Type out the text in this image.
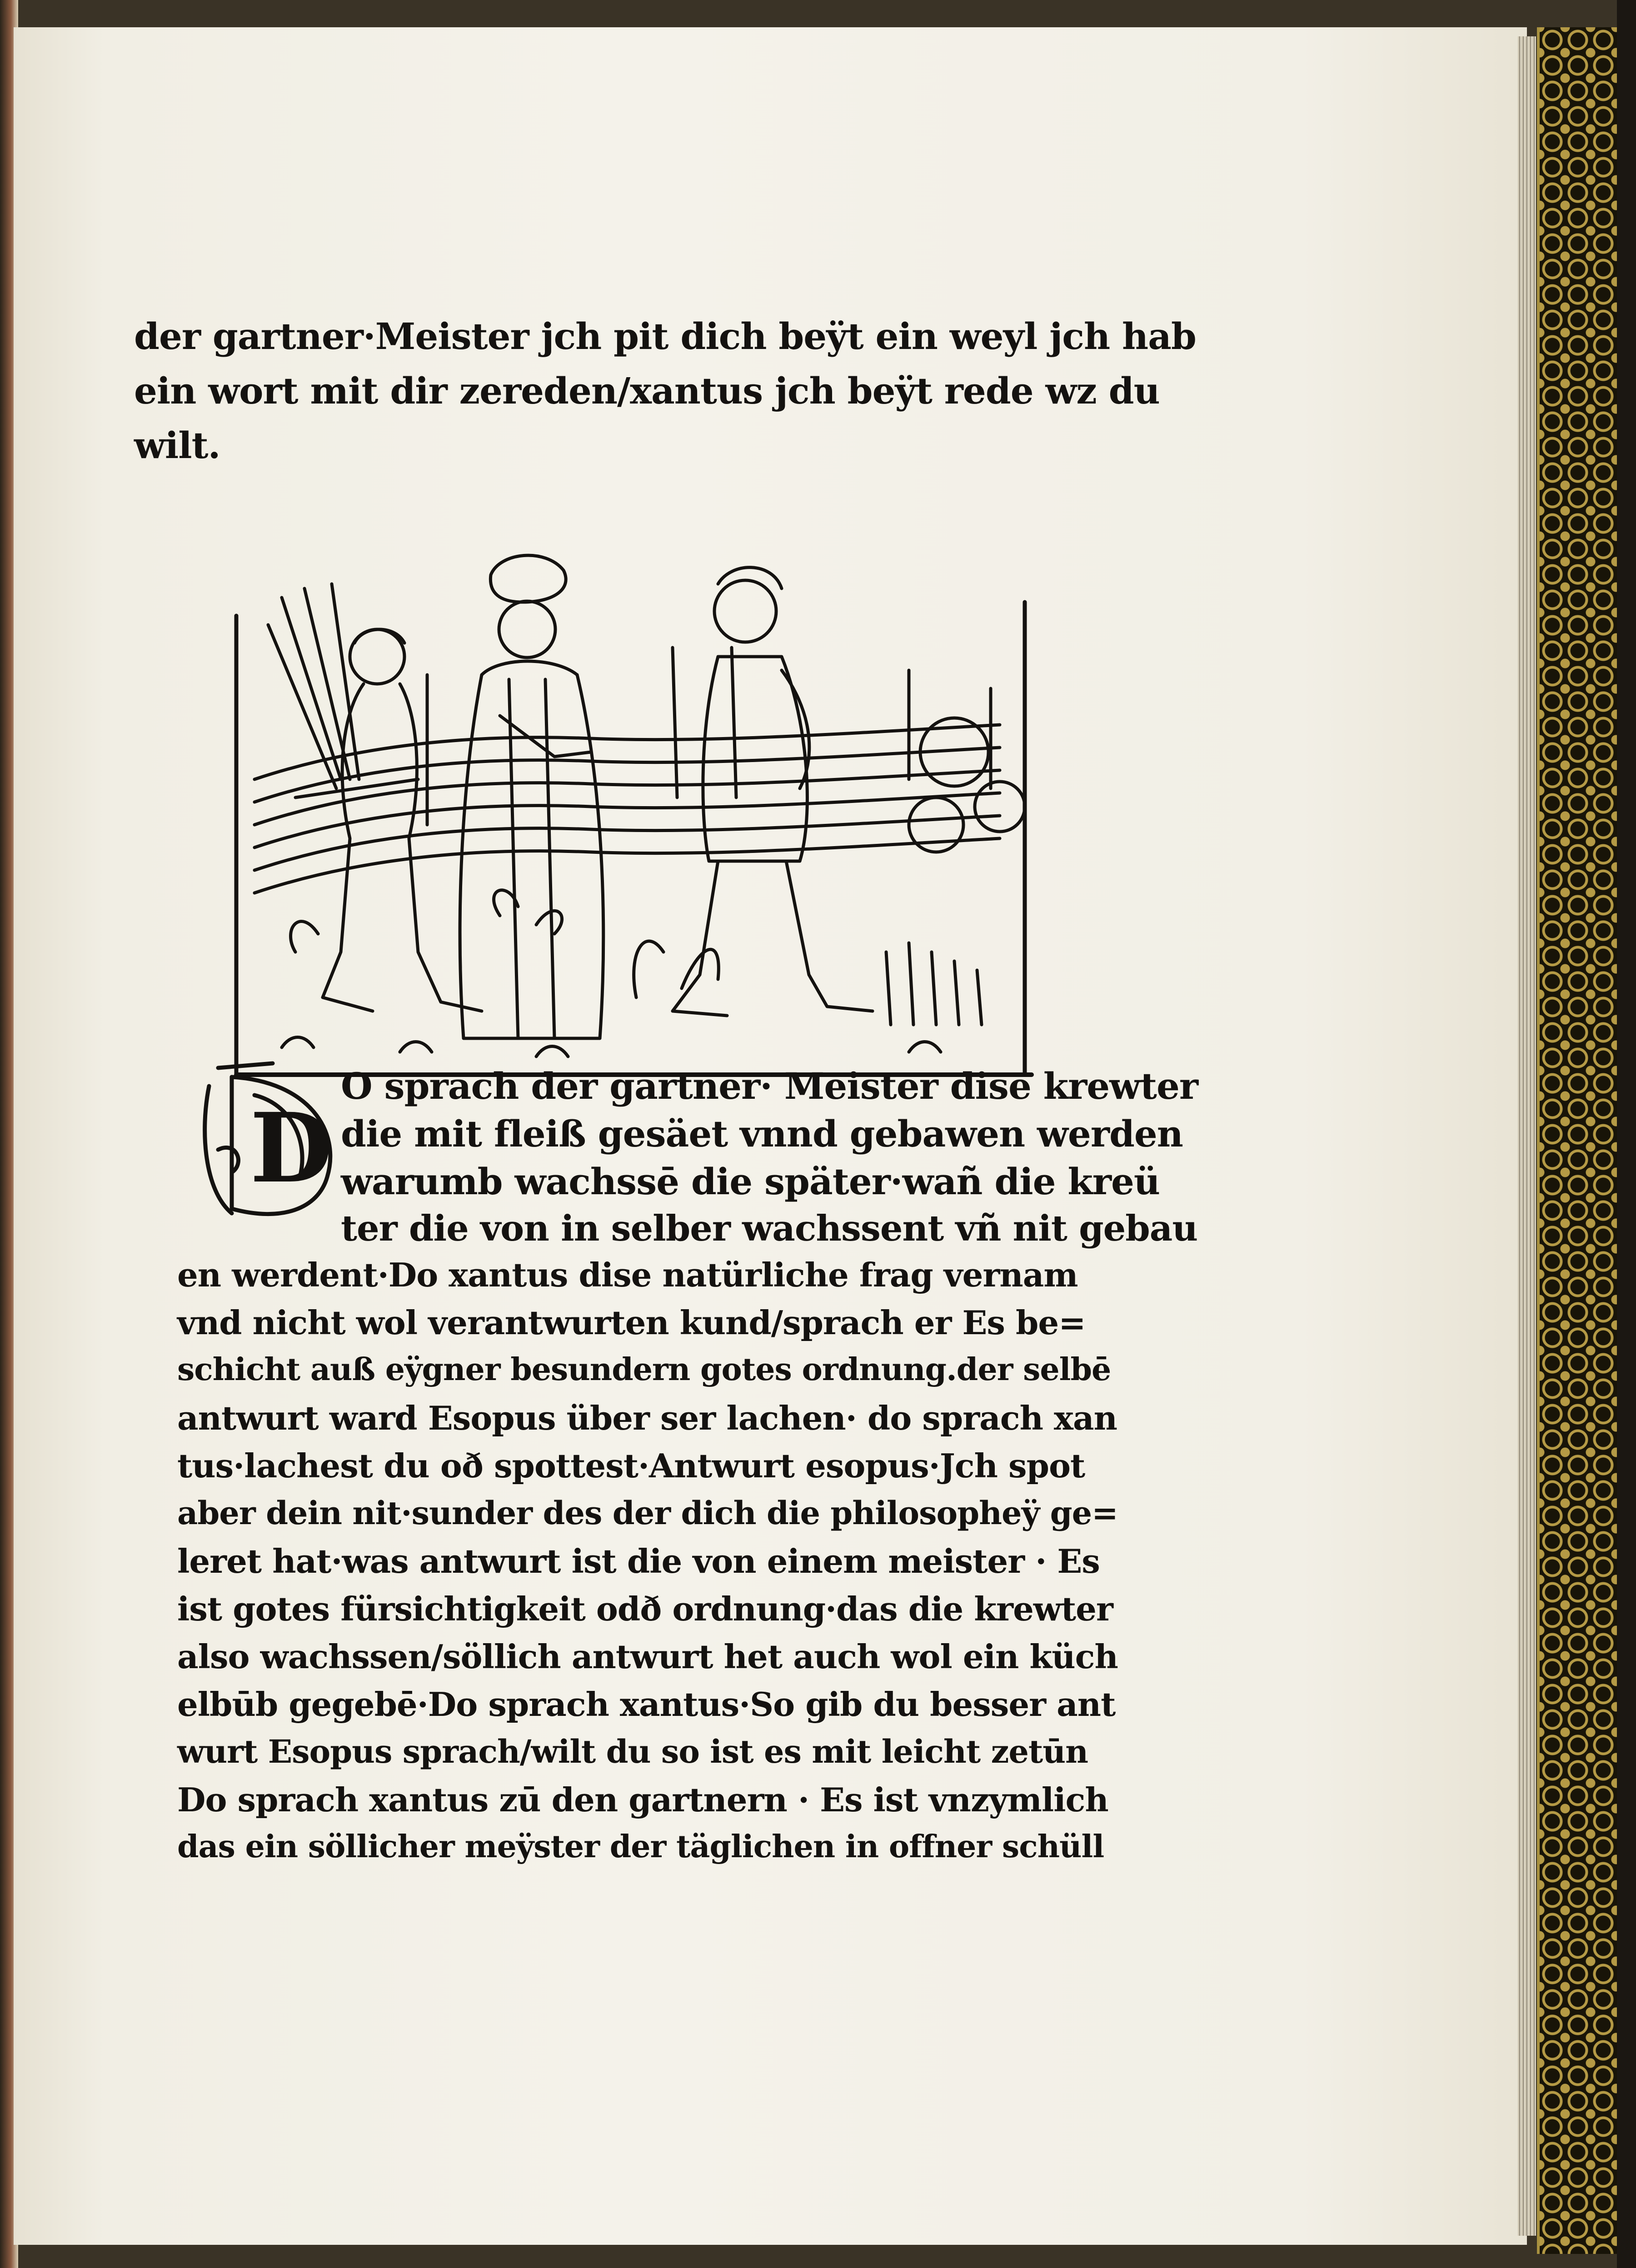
der gartner·Meister jch pit dich beÿt ein weyl jch hab
ein wort mit dir zereden/xantus jch beÿt rede wz du
wilt.
O sprach der gartner· Meister dise krewter
die mit fleiß gesäet vnnd gebawen werden
warumb wachssē die später·wañ die kreü
ter die von in selber wachssent vñ nit gebau
en werdent·Do xantus dise natürliche frag vernam
vnd nicht wol verantwurten kund/sprach er Es be=
schicht auß eÿgner besundern gotes ordnung.der selbē
antwurt ward Esopus über ser lachen· do sprach xan
tus·lachest du oð spottest·Antwurt esopus·Jch spot
aber dein nit·sunder des der dich die philosopheÿ ge=
leret hat·was antwurt ist die von einem meister · Es
ist gotes fürsichtigkeit odð ordnung·das die krewter
also wachssen/söllich antwurt het auch wol ein küch
elbūb gegebē·Do sprach xantus·So gib du besser ant
wurt Esopus sprach/wilt du so ist es mit leicht zetūn
Do sprach xantus zū den gartnern · Es ist vnzymlich
das ein söllicher meÿster der täglichen in offner schüll
D
